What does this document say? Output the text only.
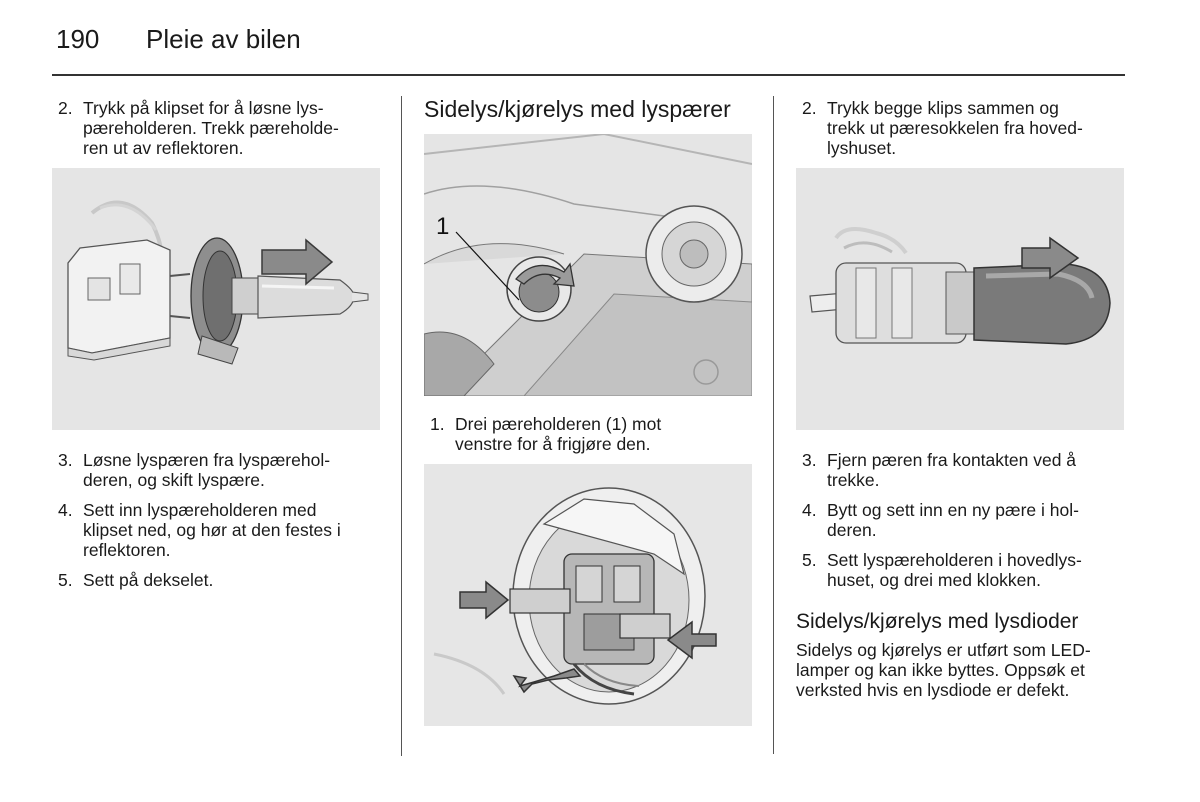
190 Pleie av bilen
2. Trykk på klipset for å løsne lys-
pæreholderen. Trekk pæreholde-
ren ut av reflektoren.
3. Løsne lyspæren fra lyspærehol-
deren, og skift lyspære.
4. Sett inn lyspæreholderen med
klipset ned, og hør at den festes i
reflektoren.
5. Sett på dekselet.
Sidelys/kjørelys med lyspærer
1
1. Drei pæreholderen (1) mot
venstre for å frigjøre den.
2. Trykk begge klips sammen og
trekk ut pæresokkelen fra hoved-
lyshuset.
3. Fjern pæren fra kontakten ved å
trekke.
4. Bytt og sett inn en ny pære i hol-
deren.
5. Sett lyspæreholderen i hovedlys-
huset, og drei med klokken.
Sidelys/kjørelys med lysdioder
Sidelys og kjørelys er utført som LED-
lamper og kan ikke byttes. Oppsøk et
verksted hvis en lysdiode er defekt.
